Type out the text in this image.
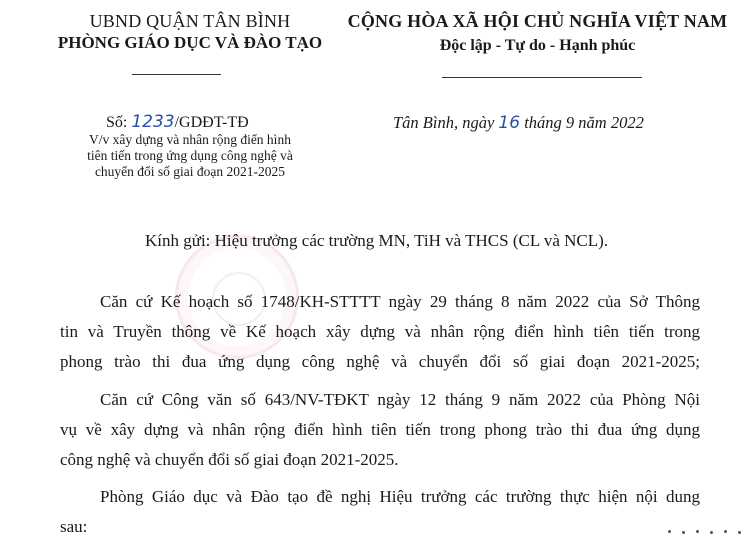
UBND QUẬN TÂN BÌNH
PHÒNG GIÁO DỤC VÀ ĐÀO TẠO
CỘNG HÒA XÃ HỘI CHỦ NGHĨA VIỆT NAM
Độc lập - Tự do - Hạnh phúc
Số: 1233/GDĐT-TĐ
V/v xây dựng và nhân rộng điển hình
tiên tiến trong ứng dụng công nghệ và
chuyển đổi số giai đoạn 2021-2025
Tân Bình, ngày 16 tháng 9 năm 2022
Kính gửi: Hiệu trưởng các trường MN, TiH và THCS (CL và NCL).
Căn cứ Kế hoạch số 1748/KH-STTTT ngày 29 tháng 8 năm 2022 của Sở Thông
tin và Truyền thông về Kế hoạch xây dựng và nhân rộng điển hình tiên tiến trong
phong trào thi đua ứng dụng công nghệ và chuyển đổi số giai đoạn 2021-2025;
Căn cứ Công văn số 643/NV-TĐKT ngày 12 tháng 9 năm 2022 của Phòng Nội
vụ về xây dựng và nhân rộng điển hình tiên tiến trong phong trào thi đua ứng dụng
công nghệ và chuyển đổi số giai đoạn 2021-2025.
Phòng Giáo dục và Đào tạo đề nghị Hiệu trưởng các trường thực hiện nội dung
sau:
